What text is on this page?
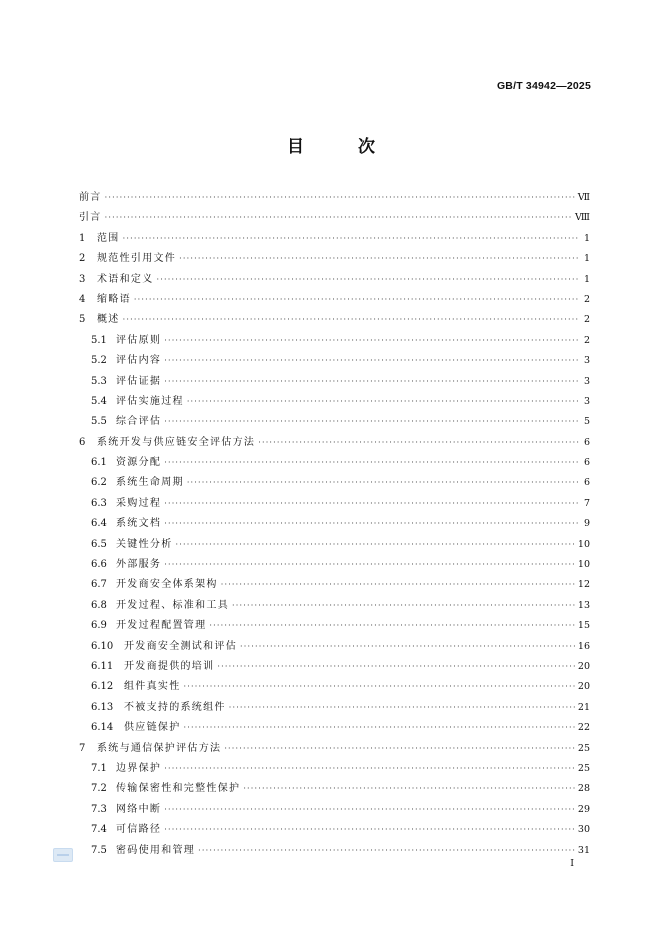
GB/T 34942—2025
目 次
前言 ·····	Ⅶ
引言 ·····	Ⅷ
1	范围 ·····	1
2	规范性引用文件 ·····	1
3	术语和定义 ·····	1
4	缩略语 ·····	2
5	概述 ·····	2
5.1 评估原则 ·····	2
5.2 评估内容 ·····	3
5.3 评估证据 ·····	3
5.4 评估实施过程 ·····	3
5.5 综合评估 ·····	5
6	系统开发与供应链安全评估方法 ·····	6
6.1 资源分配 ·····	6
6.2 系统生命周期 ·····	6
6.3 采购过程 ·····	7
6.4 系统文档 ·····	9
6.5 关键性分析 ·····	10
6.6 外部服务 ·····	10
6.7 开发商安全体系架构 ·····	12
6.8 开发过程、标准和工具 ·····	13
6.9 开发过程配置管理 ·····	15
6.10	开发商安全测试和评估 ·····	16
6.11	开发商提供的培训 ·····	20
6.12	组件真实性 ·····	20
6.13	不被支持的系统组件 ·····	21
6.14	供应链保护 ·····	22
7	系统与通信保护评估方法 ·····	25
7.1 边界保护 ·····	25
7.2 传输保密性和完整性保护 ·····	28
7.3 网络中断 ·····	29
7.4 可信路径 ·····	30
7.5 密码使用和管理 ·····	31
Ⅰ
